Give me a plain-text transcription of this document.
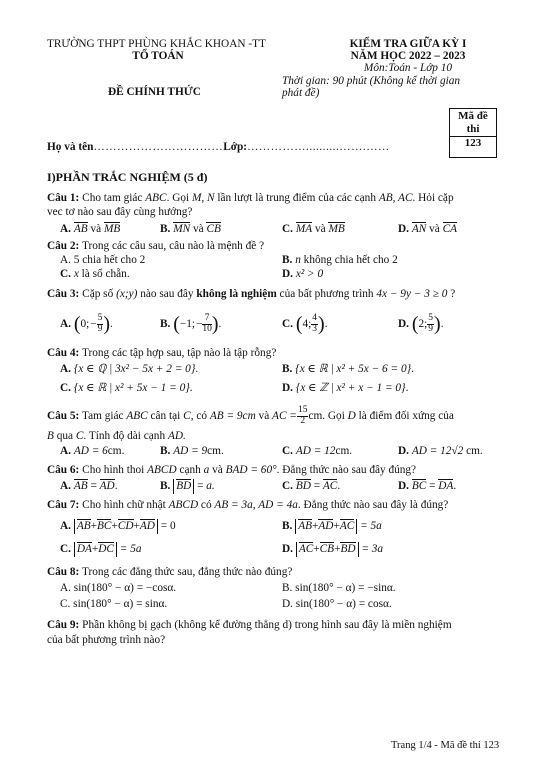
TRƯỜNG THPT PHÙNG KHẮC KHOAN -TT
TỔ TOÁN
ĐỀ CHÍNH THỨC
KIỂM TRA GIỮA KỲ I
NĂM HỌC 2022 – 2023
Môn:Toán - Lớp 10
Thời gian: 90 phút (Không kể thời gian
phát đề)
Mã đề
thi
123
Họ và tên……………………………Lớp:……………..........…….……
I)PHẦN TRẮC NGHIỆM (5 đ)
Câu 1: Cho tam giác ABC. Gọi M, N lần lượt là trung điểm của các cạnh AB, AC. Hỏi cặp
vec tơ nào sau đây cùng hướng?
A. AB và MB	B. MN và CB	C. MA và MB	D. AN và CA
Câu 2: Trong các câu sau, câu nào là mệnh đề ?
A. 5 chia hết cho 2	B. n không chia hết cho 2
C. x là số chẵn.	D. x² > 0
Câu 3: Cặp số (x;y) nào sau đây không là nghiệm của bất phương trình 4x − 9y − 3 ≥ 0 ?
A. (0; − $\frac{5}{9}$ ).	B. (−1; − $\frac{7}{10}$ ).	C. (4; $\frac{4}{3}$ ).	D. (2; $\frac{5}{9}$ ).
Câu 4: Trong các tập hợp sau, tập nào là tập rỗng?
A. {x ∈ ℚ | 3x² − 5x + 2 = 0}.	B. {x ∈ ℝ | x² + 5x − 6 = 0}.
C. {x ∈ ℝ | x² + 5x − 1 = 0}.	D. {x ∈ ℤ | x² + x − 1 = 0}.
Câu 5: Tam giác ABC cân tại C, có AB = 9cm và AC = $\frac{15}{2}$ cm. Gọi D là điểm đối xứng của
B qua C. Tính độ dài cạnh AD.
A. AD = 6cm.	B. AD = 9cm.	C. AD = 12cm.	D. AD = 12√2 cm.
Câu 6: Cho hình thoi ABCD cạnh a và BAD = 60°. Đẳng thức nào sau đây đúng?
A. AB = AD.	B. BD = a.	C. BD = AC.	D. BC = DA.
Câu 7: Cho hình chữ nhật ABCD có AB = 3a, AD = 4a. Đẳng thức nào sau đây là đúng?
A. AB+BC+CD+AD = 0	B. AB+AD+AC = 5a
C. DA+DC = 5a	D. AC+CB+BD = 3a
Câu 8: Trong các đẳng thức sau, đẳng thức nào đúng?
A. sin(180° − α) = −cosα.	B. sin(180° − α) = −sinα.
C. sin(180° − α) = sinα.	D. sin(180° − α) = cosα.
Câu 9: Phần không bị gạch (không kể đường thẳng d) trong hình sau đây là miền nghiệm
của bất phương trình nào?
Trang 1/4 - Mã đề thi 123
